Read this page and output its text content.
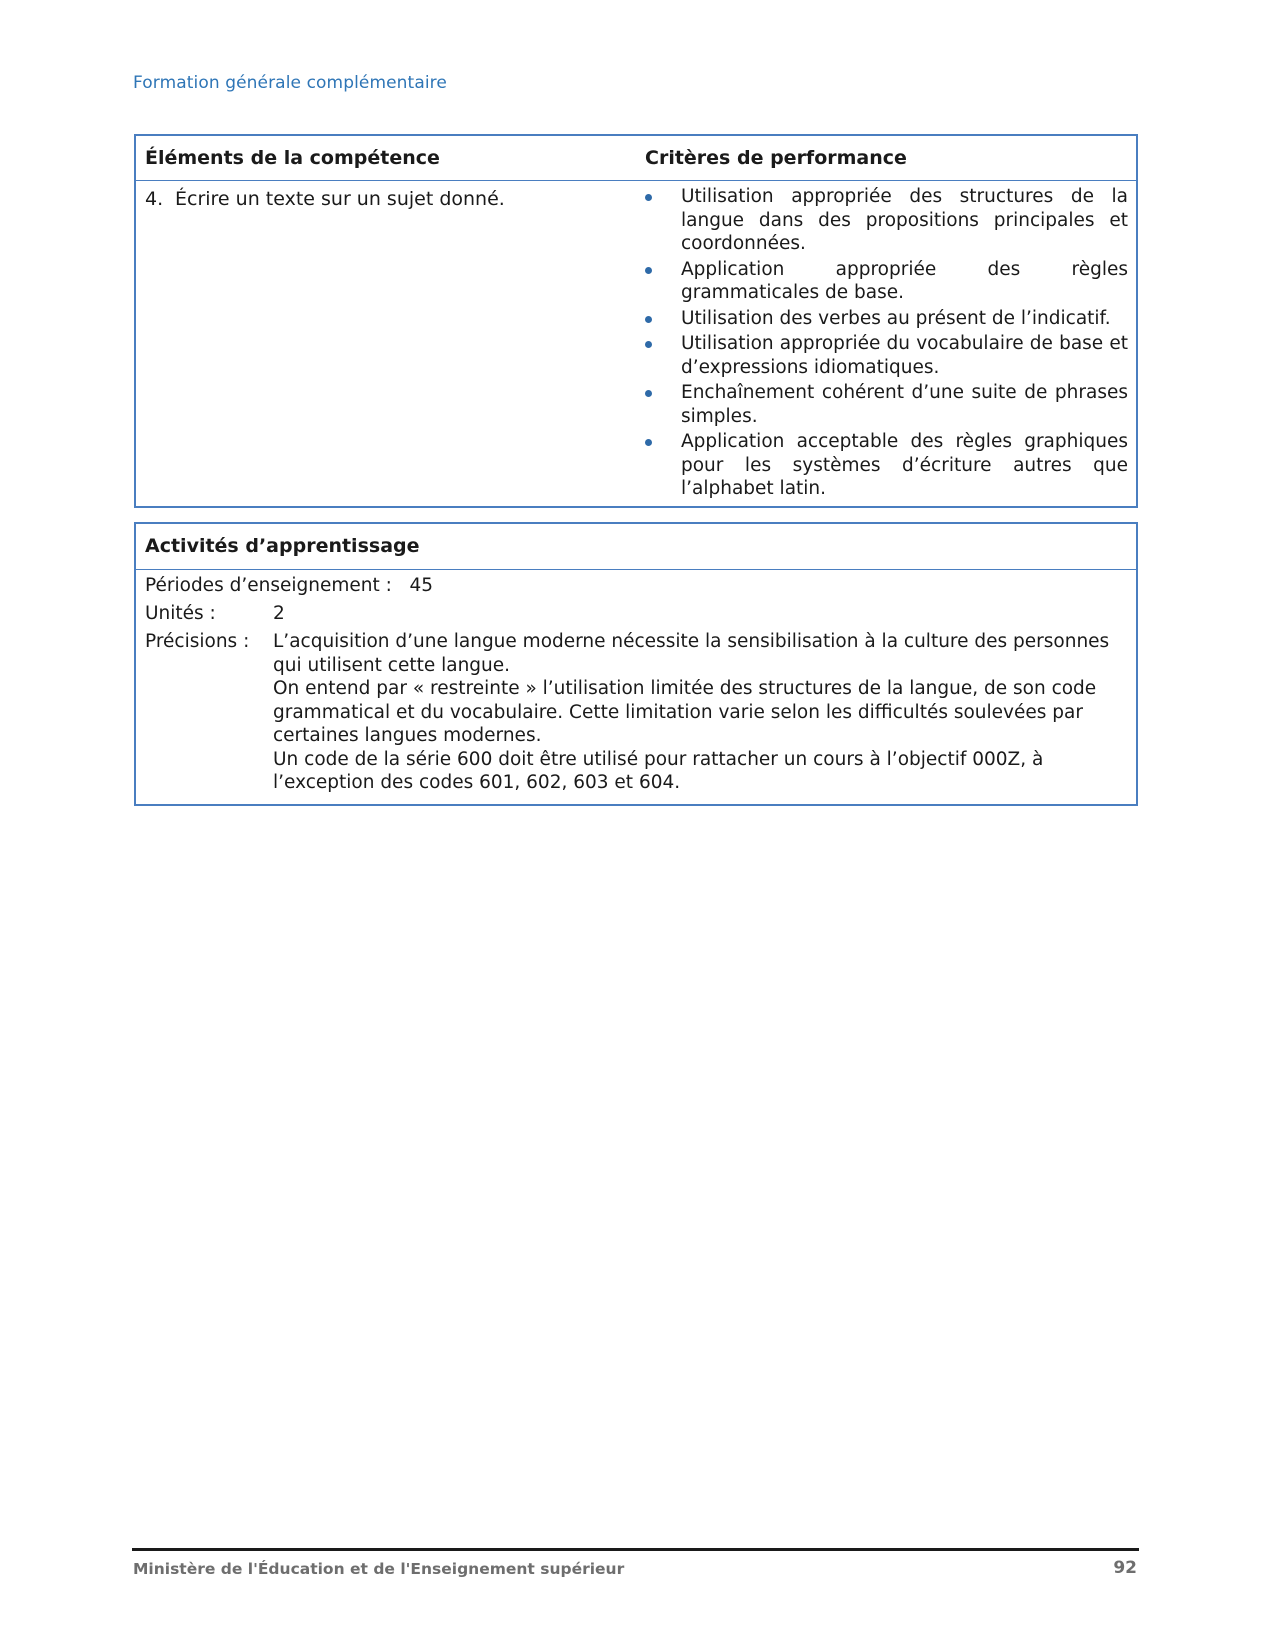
Formation générale complémentaire
Éléments de la compétence	Critères de performance
4. Écrire un texte sur un sujet donné.	Utilisation appropriée des structures de la langue dans des propositions principales et coordonnées.
Application appropriée des règles grammaticales de base.
Utilisation des verbes au présent de l’indicatif.
Utilisation appropriée du vocabulaire de base et d’expressions idiomatiques.
Enchaînement cohérent d’une suite de phrases simples.
Application acceptable des règles graphiques pour les systèmes d’écriture autres que l’alphabet latin.
Activités d’apprentissage
Périodes d’enseignement : 45
Unités :	2
Précisions : L’acquisition d’une langue moderne nécessite la sensibilisation à la culture des personnes qui utilisent cette langue.

On entend par « restreinte » l’utilisation limitée des structures de la langue, de son code grammatical et du vocabulaire. Cette limitation varie selon les difficultés soulevées par certaines langues modernes.

Un code de la série 600 doit être utilisé pour rattacher un cours à l’objectif 000Z, à l’exception des codes 601, 602, 603 et 604.

Ministère de l'Éducation et de l'Enseignement supérieur	92
